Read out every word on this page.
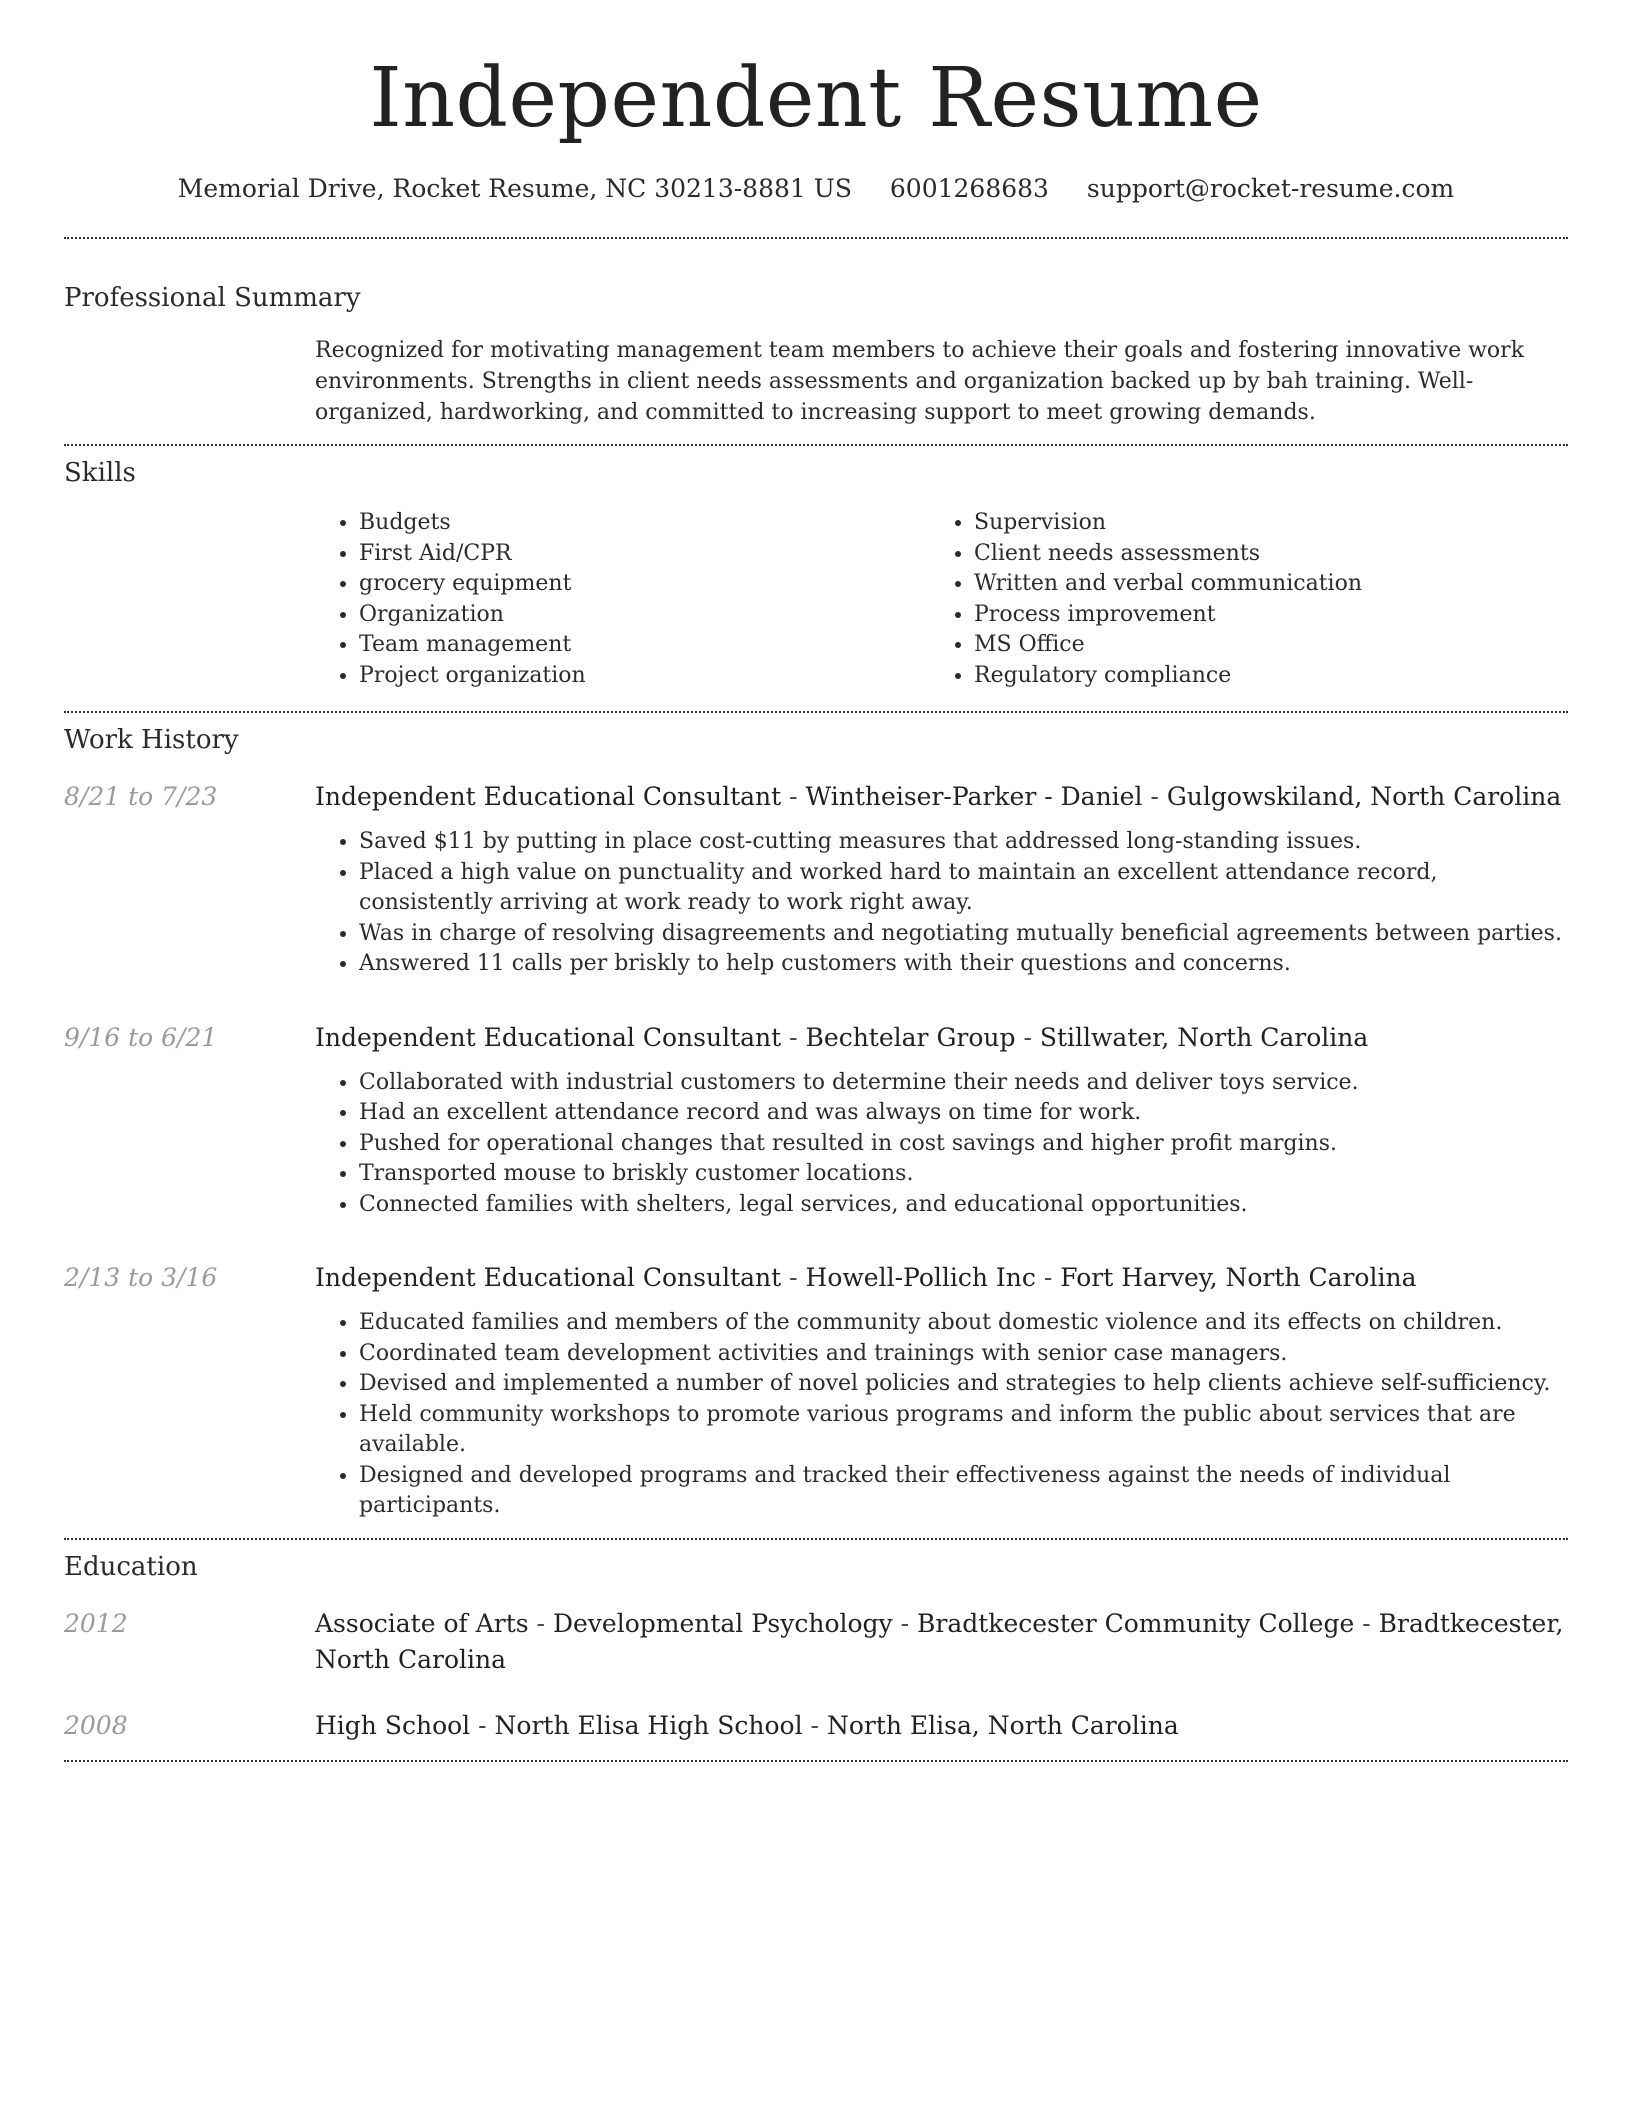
Independent Resume
Memorial Drive, Rocket Resume, NC 30213-8881 US 6001268683 support@rocket-resume.com
Professional Summary

Recognized for motivating management team members to achieve their goals and fostering innovative work environments. Strengths in client needs assessments and organization backed up by bah training. Well-organized, hardworking, and committed to increasing support to meet growing demands.

Skills
• Budgets
• First Aid/CPR
• grocery equipment
• Organization
• Team management
• Project organization
• Supervision
• Client needs assessments
• Written and verbal communication
• Process improvement
• MS Office
• Regulatory compliance
Work History
8/21 to 7/23	Independent Educational Consultant - Wintheiser-Parker - Daniel - Gulgowskiland, North Carolina
• Saved $11 by putting in place cost-cutting measures that addressed long-standing issues.
• Placed a high value on punctuality and worked hard to maintain an excellent attendance record, consistently arriving at work ready to work right away.
• Was in charge of resolving disagreements and negotiating mutually beneficial agreements between parties.
• Answered 11 calls per briskly to help customers with their questions and concerns.
9/16 to 6/21	Independent Educational Consultant - Bechtelar Group - Stillwater, North Carolina
• Collaborated with industrial customers to determine their needs and deliver toys service.
• Had an excellent attendance record and was always on time for work.
• Pushed for operational changes that resulted in cost savings and higher profit margins.
• Transported mouse to briskly customer locations.
• Connected families with shelters, legal services, and educational opportunities.
2/13 to 3/16	Independent Educational Consultant - Howell-Pollich Inc - Fort Harvey, North Carolina
• Educated families and members of the community about domestic violence and its effects on children.
• Coordinated team development activities and trainings with senior case managers.
• Devised and implemented a number of novel policies and strategies to help clients achieve self-sufficiency.
• Held community workshops to promote various programs and inform the public about services that are available.
• Designed and developed programs and tracked their effectiveness against the needs of individual participants.
Education
2012	Associate of Arts - Developmental Psychology - Bradtkecester Community College - Bradtkecester, North Carolina
2008	High School - North Elisa High School - North Elisa, North Carolina
